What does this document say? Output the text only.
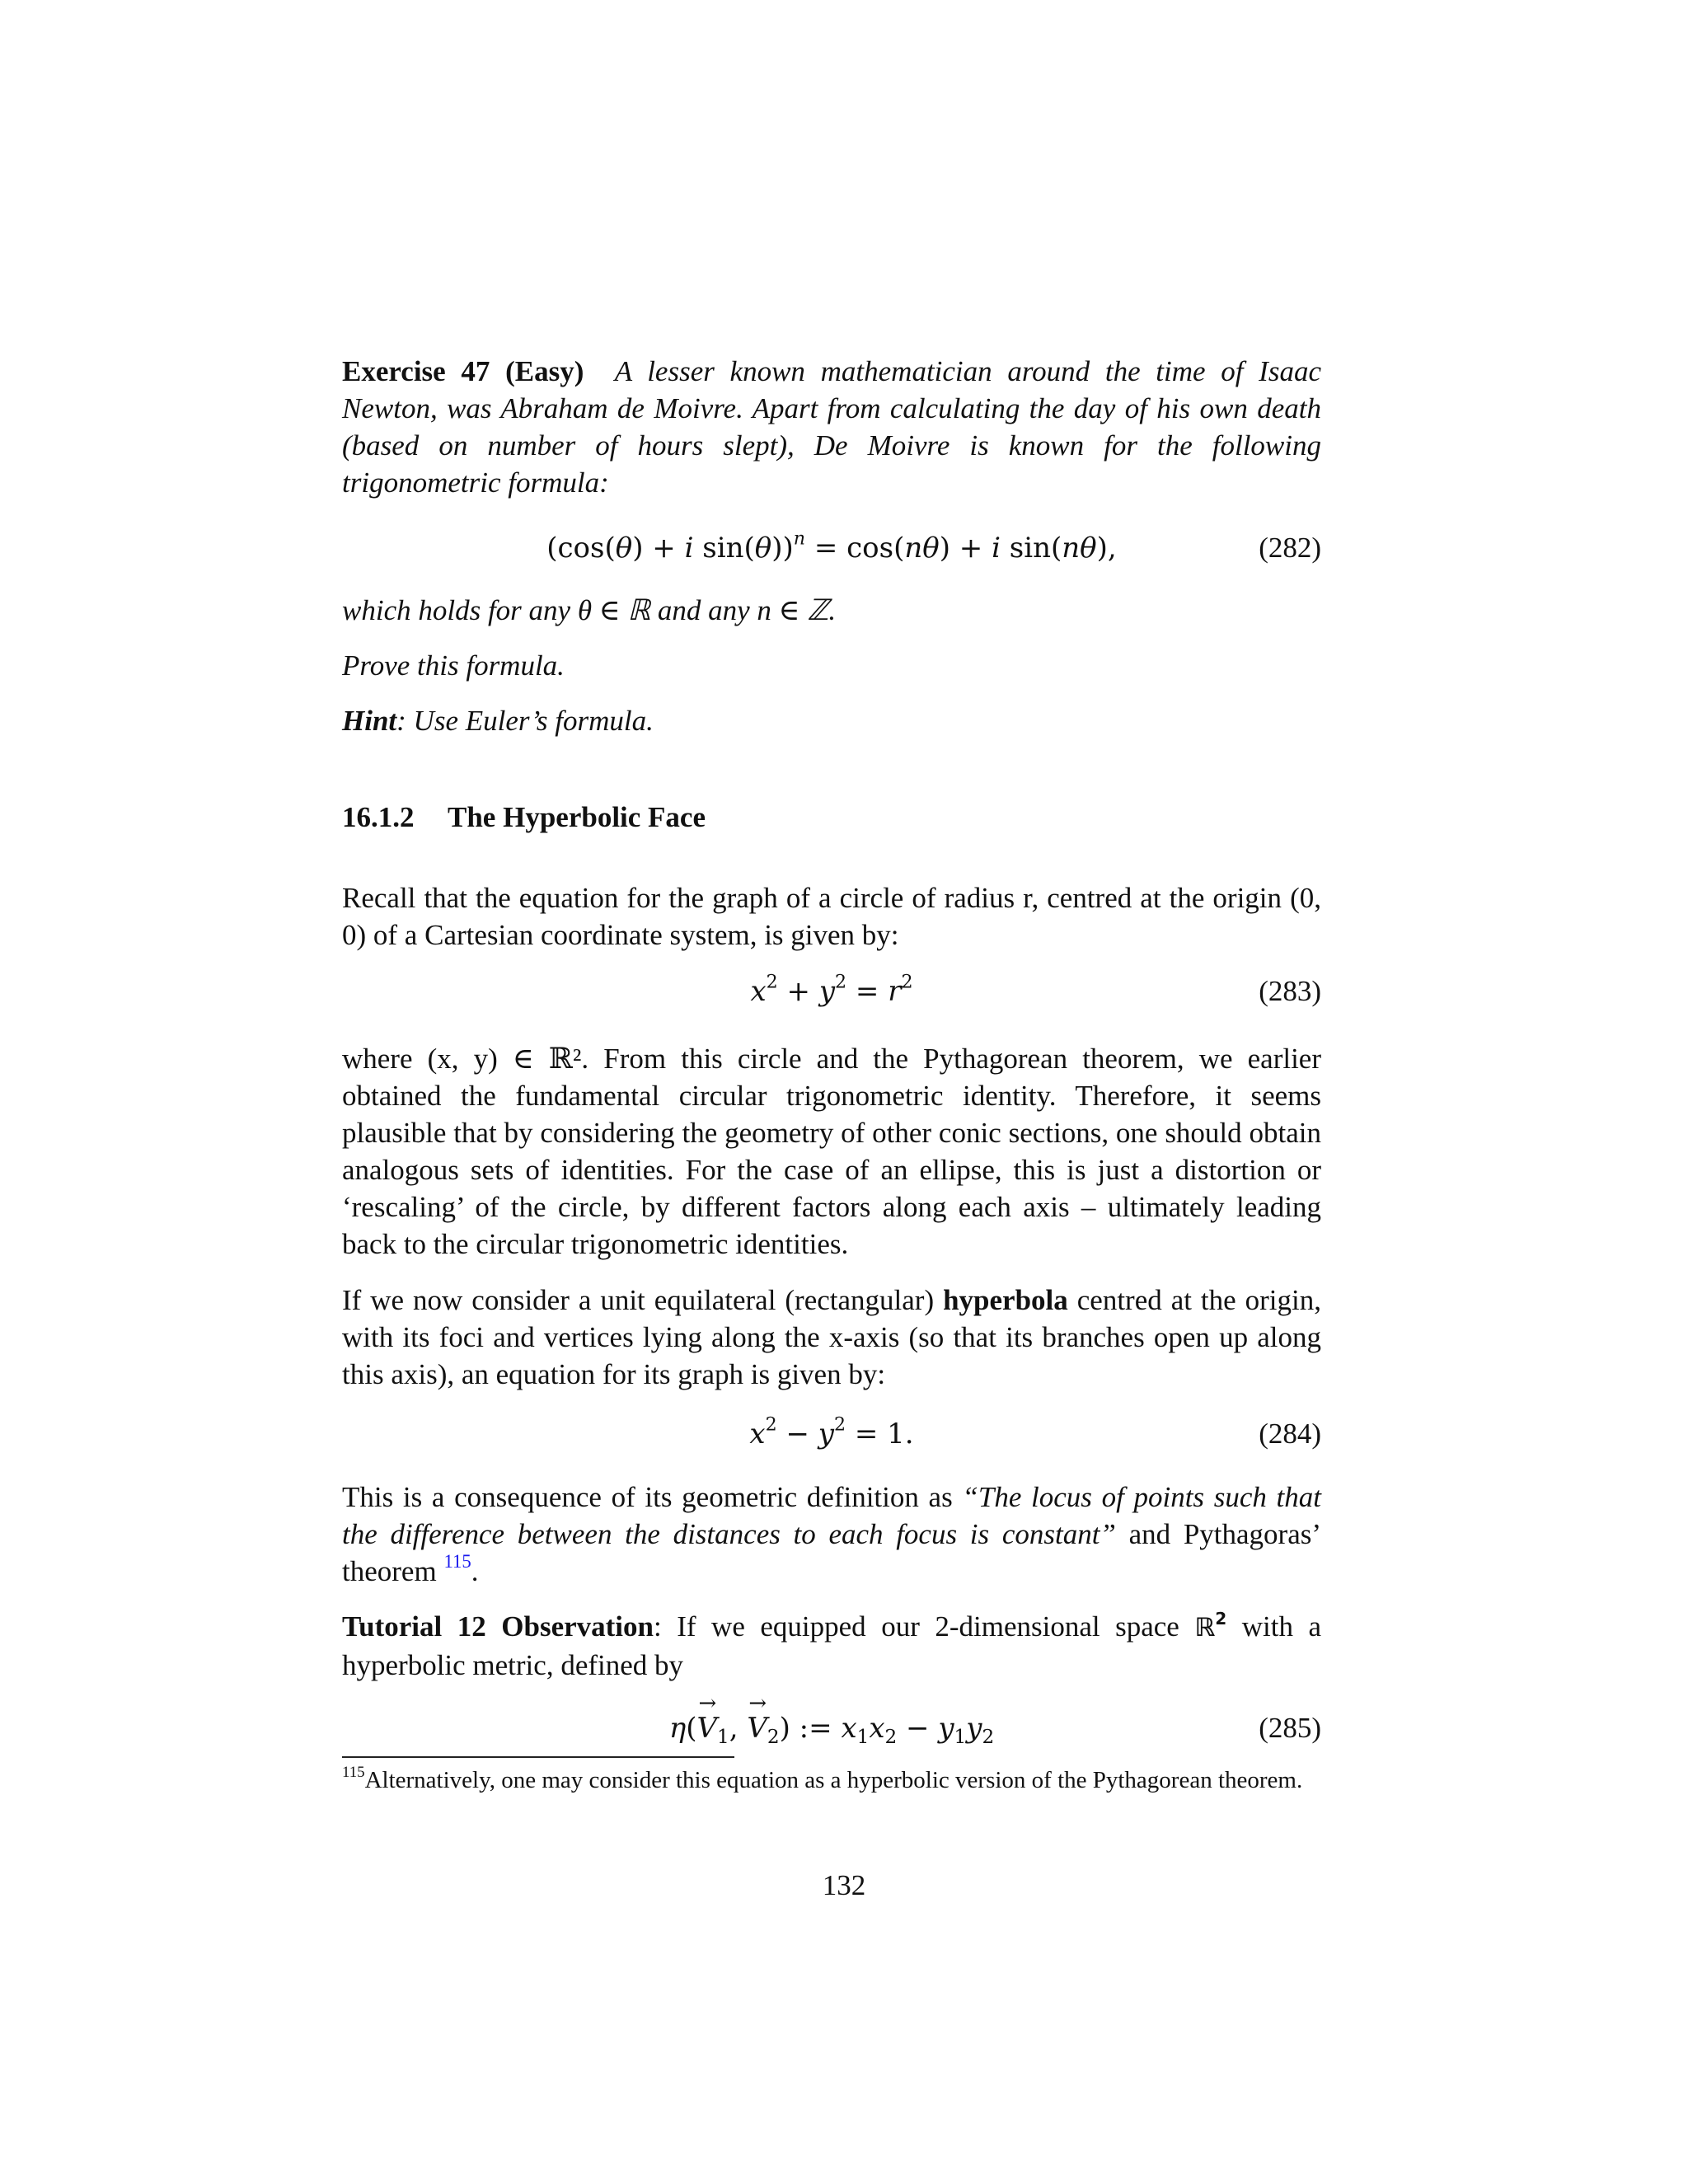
Exercise 47 (Easy) A lesser known mathematician around the time of Isaac Newton, was Abraham de Moivre. Apart from calculating the day of his own death (based on number of hours slept), De Moivre is known for the following trigonometric formula:
(cos(θ) + i sin(θ))$^n$ = cos(nθ) + i sin(nθ),	(282)
which holds for any θ ∈ ℝ and any n ∈ ℤ.
Prove this formula.
Hint: Use Euler’s formula.
16.1.2 The Hyperbolic Face
Recall that the equation for the graph of a circle of radius r, centred at the origin (0, 0) of a Cartesian coordinate system, is given by:
$x^2 + y^2 = r^2$	(283)
where (x, y) ∈ ℝ². From this circle and the Pythagorean theorem, we earlier obtained the fundamental circular trigonometric identity. Therefore, it seems plausible that by considering the geometry of other conic sections, one should obtain analogous sets of identities. For the case of an ellipse, this is just a distortion or ‘rescaling’ of the circle, by different factors along each axis – ultimately leading back to the circular trigonometric identities.
If we now consider a unit equilateral (rectangular) hyperbola centred at the origin, with its foci and vertices lying along the x-axis (so that its branches open up along this axis), an equation for its graph is given by:
$x^2 - y^2 = 1$.	(284)
This is a consequence of its geometric definition as “The locus of points such that the difference between the distances to each focus is constant” and Pythagoras’ theorem $^{115}$.
Tutorial 12 Observation: If we equipped our 2-dimensional space ℝ$^2$ with a hyperbolic metric, defined by
$\eta(\to V_1$, → $V_2$) := $x_1x_2 - y_1y_2$	(285)
$^{115}$Alternatively, one may consider this equation as a hyperbolic version of the Pythagorean theorem.
132
